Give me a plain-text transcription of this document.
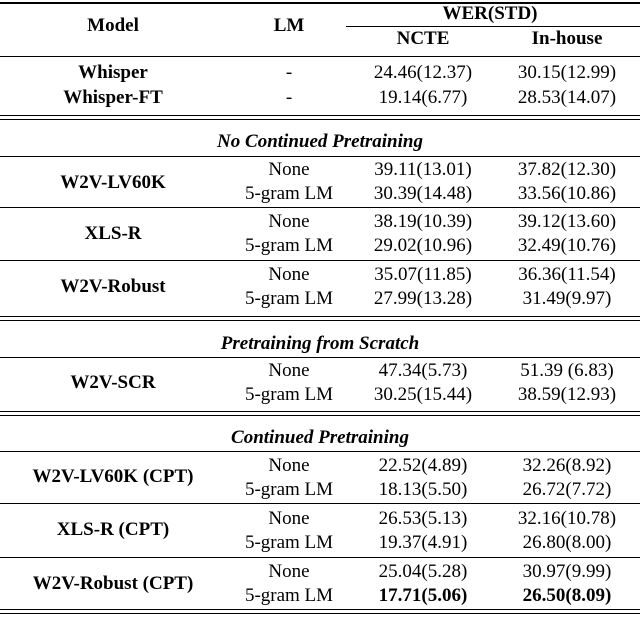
Model	LM
WER(STD)
NCTE	In-house
Whisper	-	24.46(12.37) 30.15(12.99)
Whisper-FT	-	19.14(6.77)	28.53(14.07)
No Continued Pretraining
W2V-LV60K
None	39.11(13.01) 37.82(12.30)
5-gram LM 30.39(14.48) 33.56(10.86)
XLS-R
None	38.19(10.39) 39.12(13.60)
5-gram LM 29.02(10.96) 32.49(10.76)
W2V-Robust
None	35.07(11.85) 36.36(11.54)
5-gram LM 27.99(13.28)	31.49(9.97)
Pretraining from Scratch
W2V-SCR
None	47.34(5.73)	51.39 (6.83)
5-gram LM 30.25(15.44) 38.59(12.93)
Continued Pretraining
W2V-LV60K (CPT)
None	22.52(4.89)	32.26(8.92)
5-gram LM 18.13(5.50)	26.72(7.72)
XLS-R (CPT)
None	26.53(5.13)	32.16(10.78)
5-gram LM 19.37(4.91)	26.80(8.00)
W2V-Robust (CPT)
None	25.04(5.28)	30.97(9.99)
5-gram LM 17.71(5.06)	26.50(8.09)
